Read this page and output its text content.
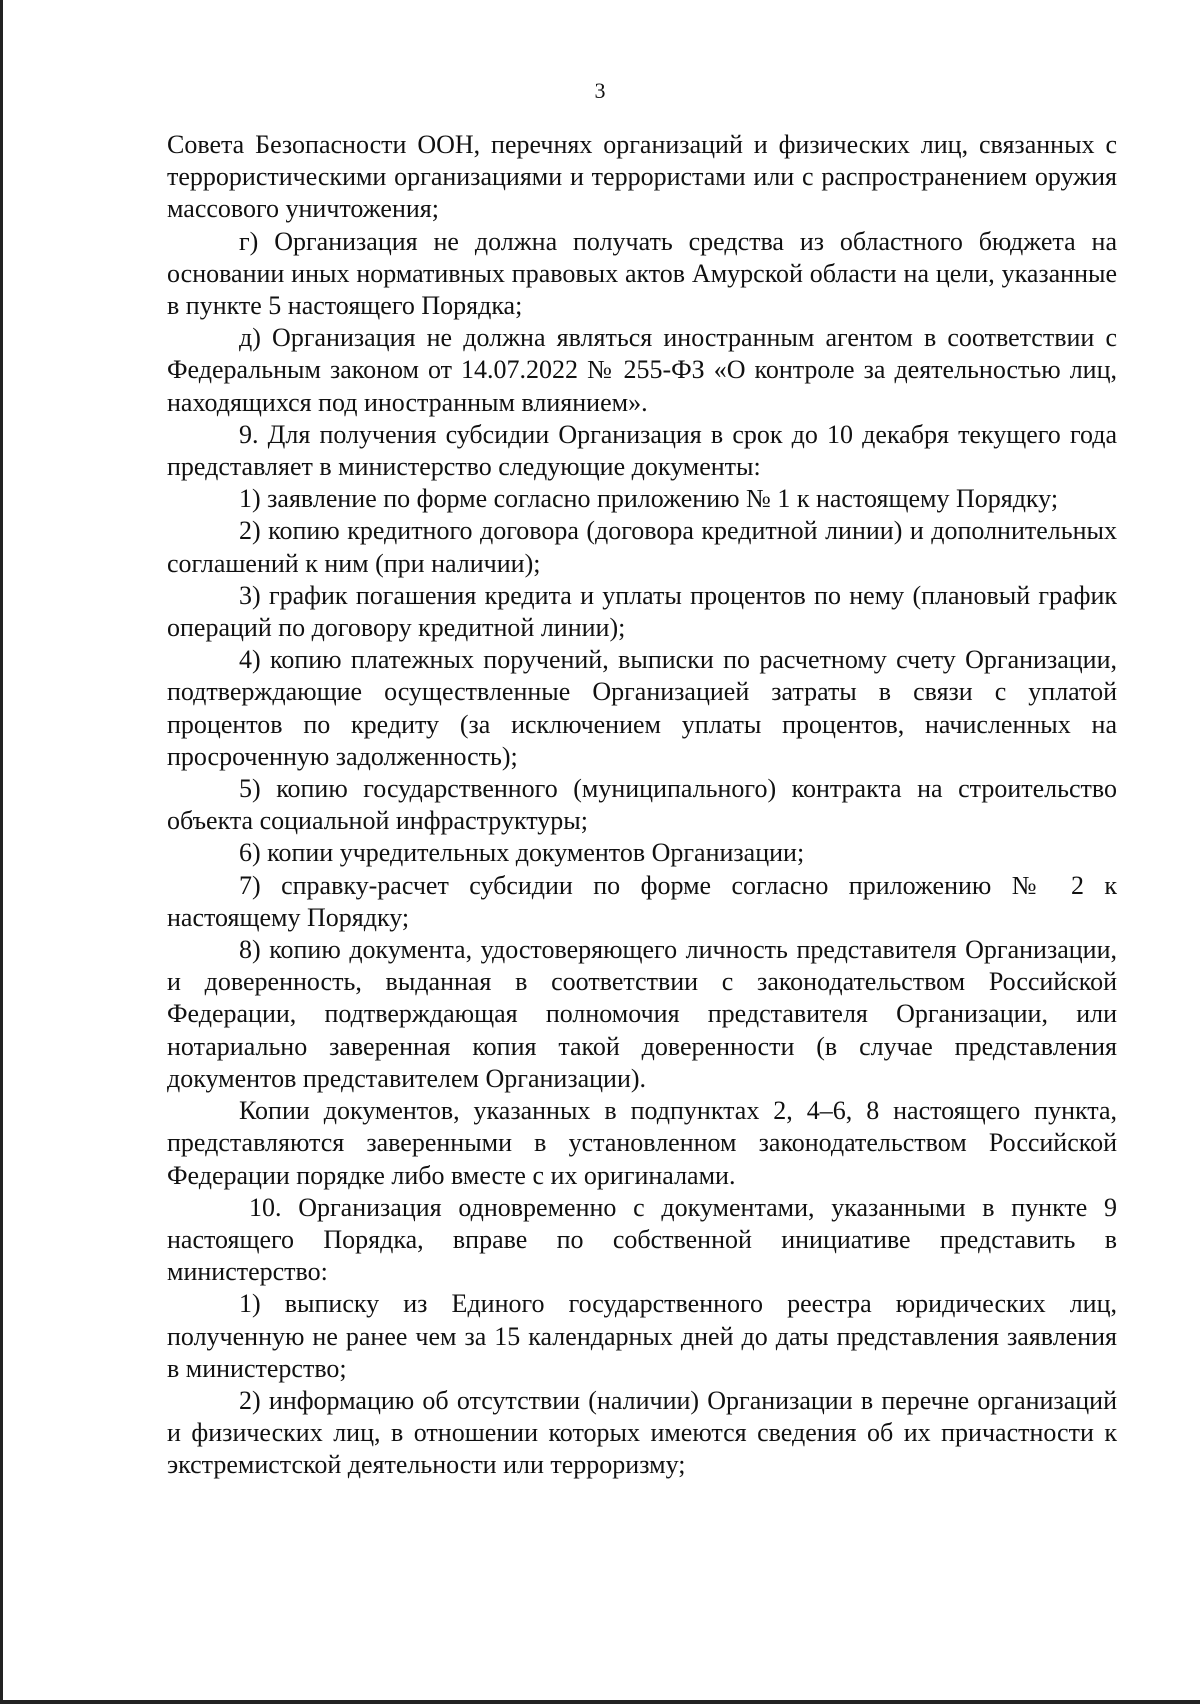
3

Совета Безопасности ООН, перечнях организаций и физических лиц, связанных с террористическими организациями и террористами или с распространением оружия массового уничтожения;

г) Организация не должна получать средства из областного бюджета на основании иных нормативных правовых актов Амурской области на цели, указанные в пункте 5 настоящего Порядка;

д) Организация не должна являться иностранным агентом в соответствии с Федеральным законом от 14.07.2022 № 255-ФЗ «О контроле за деятельностью лиц, находящихся под иностранным влиянием».

9. Для получения субсидии Организация в срок до 10 декабря текущего года представляет в министерство следующие документы:

1) заявление по форме согласно приложению № 1 к настоящему Порядку;

2) копию кредитного договора (договора кредитной линии) и дополнительных соглашений к ним (при наличии);

3) график погашения кредита и уплаты процентов по нему (плановый график операций по договору кредитной линии);

4) копию платежных поручений, выписки по расчетному счету Организации, подтверждающие осуществленные Организацией затраты в связи с уплатой процентов по кредиту (за исключением уплаты процентов, начисленных на просроченную задолженность);

5) копию государственного (муниципального) контракта на строительство объекта социальной инфраструктуры;

6) копии учредительных документов Организации;

7) справку-расчет субсидии по форме согласно приложению № 2 к настоящему Порядку;

8) копию документа, удостоверяющего личность представителя Организации, и доверенность, выданная в соответствии с законодательством Российской Федерации, подтверждающая полномочия представителя Организации, или нотариально заверенная копия такой доверенности (в случае представления документов представителем Организации).

Копии документов, указанных в подпунктах 2, 4–6, 8 настоящего пункта, представляются заверенными в установленном законодательством Российской Федерации порядке либо вместе с их оригиналами.

10. Организация одновременно с документами, указанными в пункте 9 настоящего Порядка, вправе по собственной инициативе представить в министерство:

1) выписку из Единого государственного реестра юридических лиц, полученную не ранее чем за 15 календарных дней до даты представления заявления в министерство;

2) информацию об отсутствии (наличии) Организации в перечне организаций и физических лиц, в отношении которых имеются сведения об их причастности к экстремистской деятельности или терроризму;
